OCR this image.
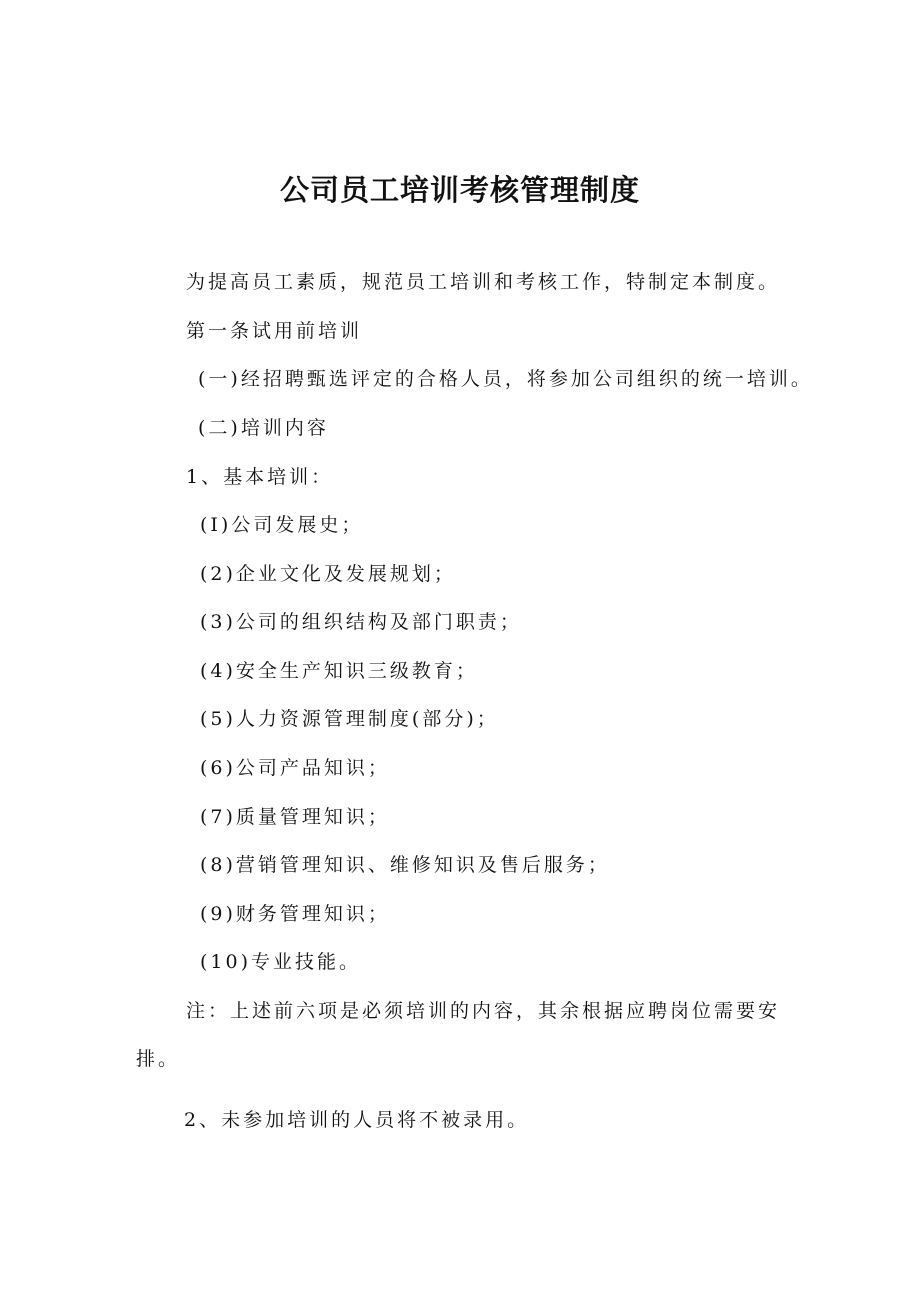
公司员工培训考核管理制度
为提高员工素质，规范员工培训和考核工作，特制定本制度。
第一条试用前培训
(一)经招聘甄选评定的合格人员，将参加公司组织的统一培训。
(二)培训内容
1、基本培训：
(I)公司发展史；
(2)企业文化及发展规划；
(3)公司的组织结构及部门职责；
(4)安全生产知识三级教育；
(5)人力资源管理制度(部分)；
(6)公司产品知识；
(7)质量管理知识；
(8)营销管理知识、维修知识及售后服务；
(9)财务管理知识；
(10)专业技能。
注：上述前六项是必须培训的内容，其余根据应聘岗位需要安
排。
2、未参加培训的人员将不被录用。
